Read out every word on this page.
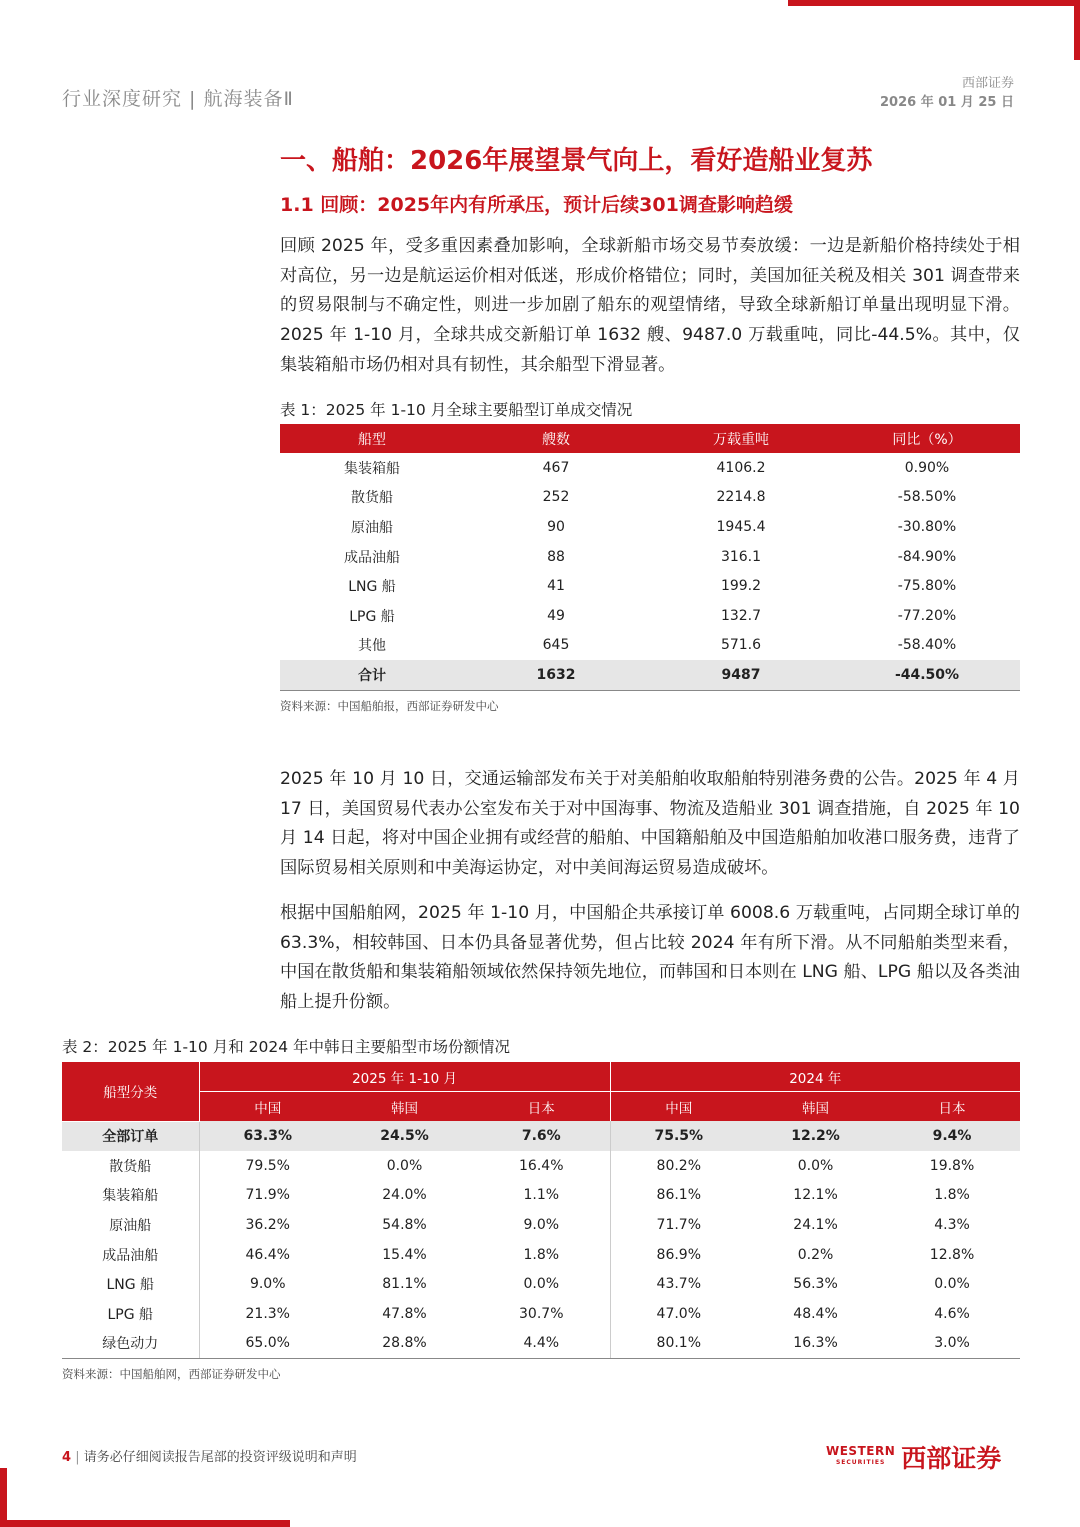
行业深度研究 | 航海装备Ⅱ
西部证券
2026 年 01 月 25 日
一、船舶：2026年展望景气向上，看好造船业复苏
1.1 回顾：2025年内有所承压，预计后续301调查影响趋缓
回顾 2025 年，受多重因素叠加影响，全球新船市场交易节奏放缓：一边是新船价格持续处于相对高位，另一边是航运运价相对低迷，形成价格错位；同时，美国加征关税及相关 301 调查带来的贸易限制与不确定性，则进一步加剧了船东的观望情绪，导致全球新船订单量出现明显下滑。2025 年 1-10 月，全球共成交新船订单 1632 艘、9487.0 万载重吨，同比-44.5%。其中，仅集装箱船市场仍相对具有韧性，其余船型下滑显著。
表 1：2025 年 1-10 月全球主要船型订单成交情况
船型	艘数	万载重吨	同比（%）
集装箱船	467	4106.2	0.90%
散货船	252	2214.8	-58.50%
原油船	90	1945.4	-30.80%
成品油船	88	316.1	-84.90%
LNG 船	41	199.2	-75.80%
LPG 船	49	132.7	-77.20%
其他	645	571.6	-58.40%
合计	1632	9487	-44.50%
资料来源：中国船舶报，西部证券研发中心
2025 年 10 月 10 日，交通运输部发布关于对美船舶收取船舶特别港务费的公告。2025 年 4 月 17 日，美国贸易代表办公室发布关于对中国海事、物流及造船业 301 调查措施，自 2025 年 10 月 14 日起，将对中国企业拥有或经营的船舶、中国籍船舶及中国造船舶加收港口服务费，违背了国际贸易相关原则和中美海运协定，对中美间海运贸易造成破坏。
根据中国船舶网，2025 年 1-10 月，中国船企共承接订单 6008.6 万载重吨，占同期全球订单的 63.3%，相较韩国、日本仍具备显著优势，但占比较 2024 年有所下滑。从不同船舶类型来看，中国在散货船和集装箱船领域依然保持领先地位，而韩国和日本则在 LNG 船、LPG 船以及各类油船上提升份额。
表 2：2025 年 1-10 月和 2024 年中韩日主要船型市场份额情况
船型分类	2025 年 1-10 月			2024 年		
	中国	韩国	日本	中国	韩国	日本
全部订单	63.3%	24.5%	7.6%	75.5%	12.2%	9.4%
散货船	79.5%	0.0%	16.4%	80.2%	0.0%	19.8%
集装箱船	71.9%	24.0%	1.1%	86.1%	12.1%	1.8%
原油船	36.2%	54.8%	9.0%	71.7%	24.1%	4.3%
成品油船	46.4%	15.4%	1.8%	86.9%	0.2%	12.8%
LNG 船	9.0%	81.1%	0.0%	43.7%	56.3%	0.0%
LPG 船	21.3%	47.8%	30.7%	47.0%	48.4%	4.6%
绿色动力	65.0%	28.8%	4.4%	80.1%	16.3%	3.0%
资料来源：中国船舶网，西部证券研发中心
4 | 请务必仔细阅读报告尾部的投资评级说明和声明	WESTERN
SECURITIES 西部证券
